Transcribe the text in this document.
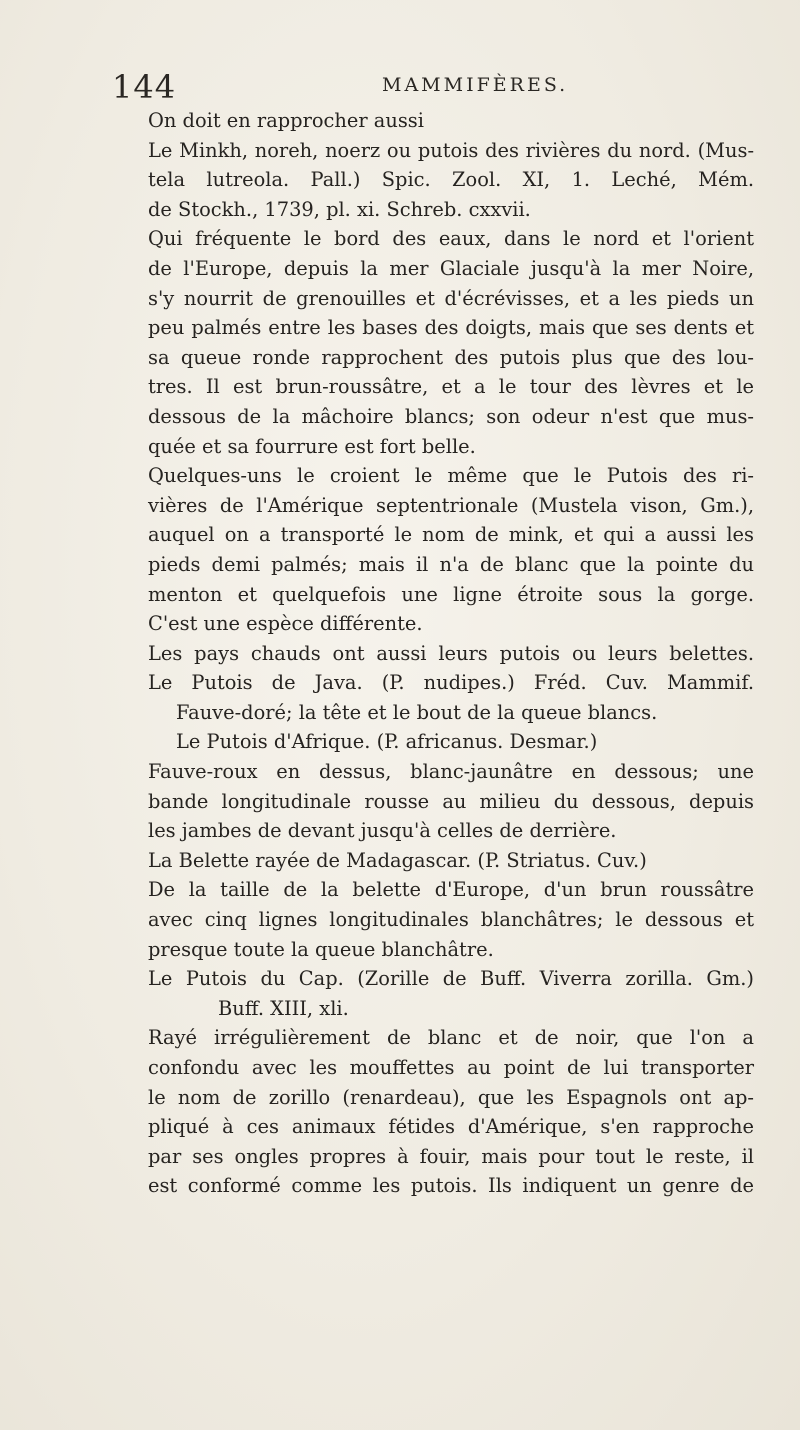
144	MAMMIFÈRES.
On doit en rapprocher aussi
Le Minkh, noreh, noerz ou putois des rivières du nord. (Mus-
tela lutreola. Pall.) Spic. Zool. XI, 1. Leché, Mém.
de Stockh., 1739, pl. xi. Schreb. cxxvii.
Qui fréquente le bord des eaux, dans le nord et l'orient
de l'Europe, depuis la mer Glaciale jusqu'à la mer Noire,
s'y nourrit de grenouilles et d'écrévisses, et a les pieds un
peu palmés entre les bases des doigts, mais que ses dents et
sa queue ronde rapprochent des putois plus que des lou-
tres. Il est brun-roussâtre, et a le tour des lèvres et le
dessous de la mâchoire blancs; son odeur n'est que mus-
quée et sa fourrure est fort belle.
Quelques-uns le croient le même que le Putois des ri-
vières de l'Amérique septentrionale (Mustela vison, Gm.),
auquel on a transporté le nom de mink, et qui a aussi les
pieds demi palmés; mais il n'a de blanc que la pointe du
menton et quelquefois une ligne étroite sous la gorge.
C'est une espèce différente.
Les pays chauds ont aussi leurs putois ou leurs belettes.
Le Putois de Java. (P. nudipes.) Fréd. Cuv. Mammif.
Fauve-doré; la tête et le bout de la queue blancs.
Le Putois d'Afrique. (P. africanus. Desmar.)
Fauve-roux en dessus, blanc-jaunâtre en dessous; une
bande longitudinale rousse au milieu du dessous, depuis
les jambes de devant jusqu'à celles de derrière.
La Belette rayée de Madagascar. (P. Striatus. Cuv.)
De la taille de la belette d'Europe, d'un brun roussâtre
avec cinq lignes longitudinales blanchâtres; le dessous et
presque toute la queue blanchâtre.
Le Putois du Cap. (Zorille de Buff. Viverra zorilla. Gm.)
Buff. XIII, xli.
Rayé irrégulièrement de blanc et de noir, que l'on a
confondu avec les mouffettes au point de lui transporter
le nom de zorillo (renardeau), que les Espagnols ont ap-
pliqué à ces animaux fétides d'Amérique, s'en rapproche
par ses ongles propres à fouir, mais pour tout le reste, il
est conformé comme les putois. Ils indiquent un genre de
